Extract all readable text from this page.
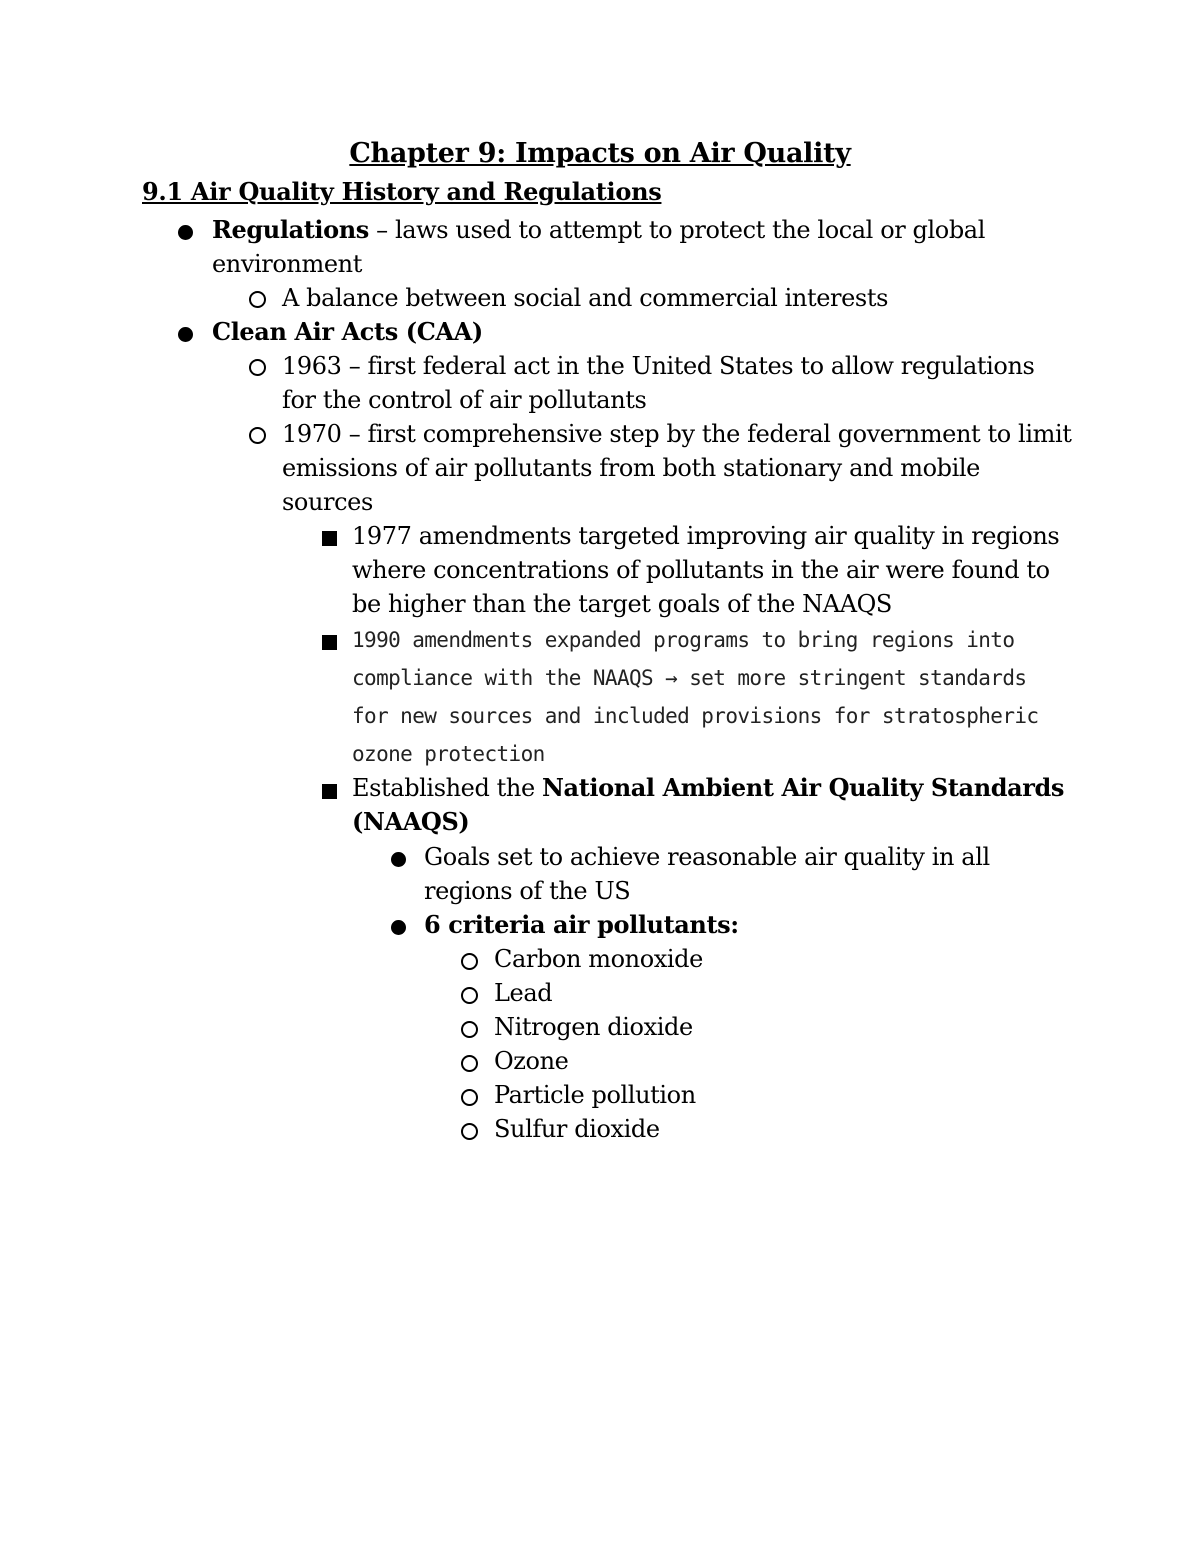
Chapter 9: Impacts on Air Quality
9.1 Air Quality History and Regulations
Regulations – laws used to attempt to protect the local or global environment
A balance between social and commercial interests
Clean Air Acts (CAA)
1963 – first federal act in the United States to allow regulations for the control of air pollutants
1970 – first comprehensive step by the federal government to limit emissions of air pollutants from both stationary and mobile sources
1977 amendments targeted improving air quality in regions where concentrations of pollutants in the air were found to be higher than the target goals of the NAAQS
1990 amendments expanded programs to bring regions into compliance with the NAAQS → set more stringent standards for new sources and included provisions for stratospheric ozone protection
Established the National Ambient Air Quality Standards (NAAQS)
Goals set to achieve reasonable air quality in all regions of the US
6 criteria air pollutants:
Carbon monoxide
Lead
Nitrogen dioxide
Ozone
Particle pollution
Sulfur dioxide
